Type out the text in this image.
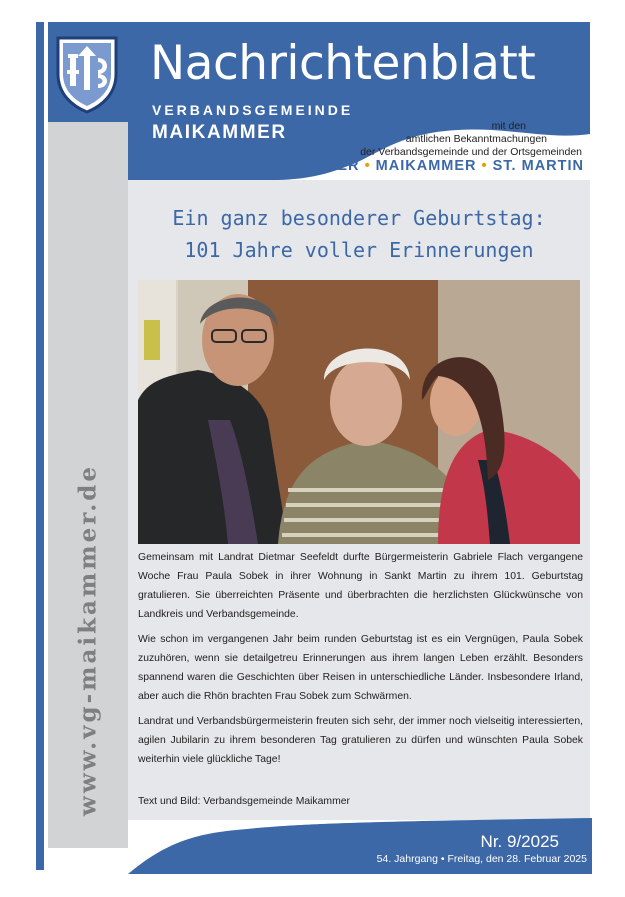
www.vg-maikammer.de
Nachrichtenblatt
VERBANDSGEMEINDE
MAIKAMMER	mit den
amtlichen Bekanntmachungen
der Verbandsgemeinde und der Ortsgemeinden
KIRRWEILER • MAIKAMMER • ST. MARTIN
Ein ganz besonderer Geburtstag:
101 Jahre voller Erinnerungen

Gemeinsam mit Landrat Dietmar Seefeldt durfte Bürgermeisterin Gabriele Flach vergangene Woche Frau Paula Sobek in ihrer Wohnung in Sankt Martin zu ihrem 101. Geburtstag gratulieren. Sie überreichten Präsente und überbrachten die herzlichsten Glückwünsche von Landkreis und Verbandsgemeinde.

Wie schon im vergangenen Jahr beim runden Geburtstag ist es ein Vergnügen, Paula Sobek zuzuhören, wenn sie detailgetreu Erinnerungen aus ihrem langen Leben erzählt. Besonders spannend waren die Geschichten über Reisen in unterschiedliche Länder. Insbesondere Irland, aber auch die Rhön brachten Frau Sobek zum Schwärmen.

Landrat und Verbandsbürgermeisterin freuten sich sehr, der immer noch vielseitig interessierten, agilen Jubilarin zu ihrem besonderen Tag gratulieren zu dürfen und wünschten Paula Sobek weiterhin viele glückliche Tage!

Text und Bild: Verbandsgemeinde Maikammer
Nr. 9/2025
54. Jahrgang • Freitag, den 28. Februar 2025
